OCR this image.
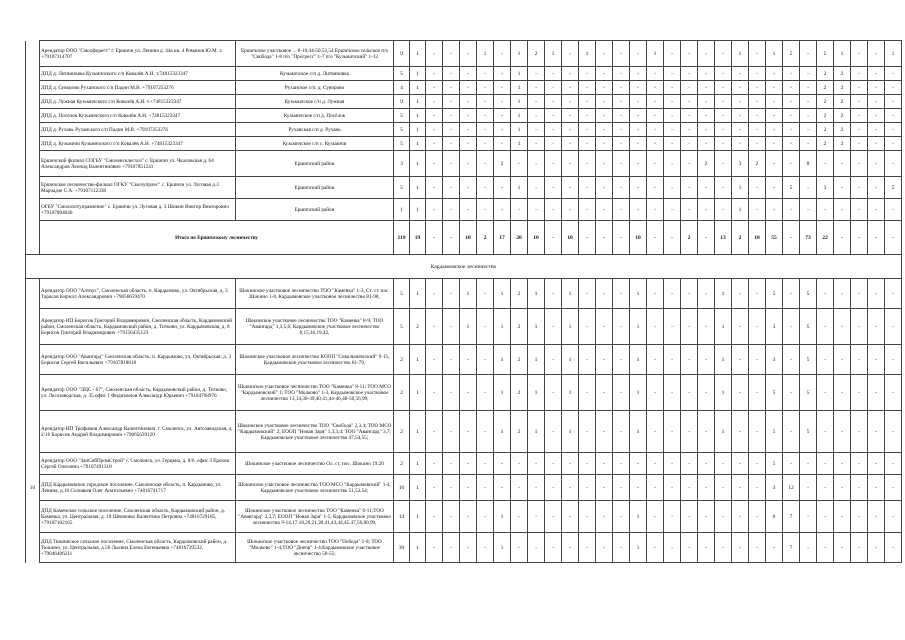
	Арендатор ООО "Смолфорест" г. Ершичи ул. Ленина д. 44а кв. 4 Романов Ю.М. т. +79107114707	Ершичское участковое ... 8-10,44-50,53,54 Ершичское сельское п/о "Свобода" 1-8 п/о "Прогресс" 1-7 п/о "Кузьмичский" 1-12	9	1	-	-	-	1	-	1	2	1	-	1	-	-	-	1	-	-	-	-	1	-	1	5	-	5	1	-	-	1
	ДПД д. Литвиновка Кузьмичского с/п Ковалёв А.Н. т.74815323347	Кузьмичское с/п д. Литвиновка	5	1	-	-	-	-	-	1	-	-	-	-	-	-	-	-	-	-	-	-	-	-	-	-	-	2	2	-	-	-
	ДПД д. Суворово Руханского с/п Падин М.В. +79107253276	Руханское с/п. д. Суворово	4	1	-	-	-	-	-	1	-	-	-	-	-	-	-	-	-	-	-	-	-	-	-	-	-	2	2	-	-	-
	ДПД д. Лужная Кузьмичского с/п Ковалёв А.Н. т.+74815323347	Кузьмичское с/п д. Лужная	9	1	-	-	-	-	-	1	-	-	-	-	-	-	-	-	-	-	-	-	-	-	-	-	-	2	2	-	-	-
	ДПД д. Поселок Кузьмичского с/п Ковалёв А.Н. +74815323347	Кузьмичское с/п д. Посёлок	5	1	-	-	-	-	-	1	-	-	-	-	-	-	-	-	-	-	-	-	-	-	-	-	-	2	2	-	-	-
	ДПД д. Рухань Руханского с/п Падин М.В. +79107253276	Руханская с/п д. Рухань	5	1	-	-	-	-	-	1	-	-	-	-	-	-	-	-	-	-	-	-	-	-	-	-	-	2	2	-	-	-
	ДПД д. Кузьмичи Кузьмичского с/п Ковалёв А.Н. +74815323347	Кузьмичское с/п с. Кузьмичи	5	1	-	-	-	-	-	1	-	-	-	-	-	-	-	-	-	-	-	-	-	-	-	-	-	2	2	-	-	-
	Ершичский филиал СОГБУ "Смоленсклесхоз" с. Ершичи ул. Чкаловская д. 64 Александров Леонид Валентинович +79107851241	Ершичский район	3	1	-	-	-	-	2	-	-	-	-	-	-	-	-	-	-	-	2	-	3	2	-	-	8	-	-	-	-	-
	Ершичское лесничество-филиал ОГКУ "Смолупрлес" с. Ершичи ул. Луговая д.3 Марчадзе С.А. +79107112338	Ершичский район	5	1	-	-	-	-	-	1	-	-	-	-	-	-	-	-	-	-	-	-	1	-	-	5	-	3	-	-	-	5
	ОГБУ "Смолохотуправление" с. Ершичи ул. Луговая д. 3 Шикин Виктор Викторович +79107804040	Ершичский район	1	1	-	-	-	-	-	-	-	-	-	-	-	-	-	-	-	-	-	-	1	-	-	-	-	-	-	-	-	-
	Итого по Ершичскому лесничеству		119	19	-	-	10	2	17	20	10	-	10	-	-	-	10	-	-	2	-	13	2	10	55	-	73	22	-	-	-	-
Кардымовское лесничество																																
	Арендатор ООО "Алтиус", Смоленская область, п. Кардымово, ул. Октябрьская, д. 3 Тарасов Кирилл Александрович +79056659470	Шокинское участковое лесничество ТОО "Каменка" 1-3, Ст. ст. пос. Шокино 1-8, Кардымовское участковое лесничество 81-98,	5	1	-	-	1	-	1	2	1	-	1	-	-	-	1	-	-	-	-	1	-	-	5	-	5	-	-	-	-	-
	Арендатор ИП Борисов Григорий Владимирович, Смоленская область, Кардымовский район, Смоленская область, Кардымовский район, д. Титково, ул. Кардымовская, д. 8 Борисов Григорий Владимирович +79156435123	Шокинское участковое лесничество ТОО "Каменка" 8-9; ТОО "Авангард" 1,3,5,6; Кардымовское участковое лесничество 8,15,16,19,42,	5	2	-	-	1	-	1	2	1	-	1	-	-	-	1	-	-	-	-	1	-	-	3	-	5	-	-	-	-	-
	Арендатор ООО "Авангард" Смоленская область, п. Кардымово, ул. Октябрьская, д. 3 Борисов Сергей Васильевич +79107818018	Шокинское участковое лесничество КООП "Сокольнический" 9-15; Кардымовское участковое лесничество 61-79,	2	1	-	-	-	-	1	2	1	-	1	-	-	-	1	-	-	-	-	1	-	-	3	-	5	-	-	-	-	-
	Арендатор ООО "ЛЦС - 67", Смоленская область, Кардымовский район, д. Титково, ул. Лесозаводская, д. 35,офис 1 Фидимонов Александр Юрьевич +79104768976	Шокинское участковое лесничество ТОО "Каменка" 8-11; ТОО МСО "Кардымовский" 1; ТОО "Молково" 1-3, Кардымовское участковое лесничество 13,14,30-39,40,41,44-46,48-50,56,99,	2	1	-	-	-	-	1	2	1	-	1	-	-	-	1	-	-	-	-	1	-	-	5	-	5	-	-	-	-	-
	Арендатор ИП Трофимов Александр Валентинович, г. Смоленск, ул. Автозаводская, д. 2/16 Борисов Андрей Владимирович +79065639120	Шокинское участковое лесничество ТОО "Свобода" 2,3,4; ТОО МСО "Кардымовский" 2; ЕООП "Новая Заря" 1,3,3,4; ТОО "Авангард" 3,7; Кардымовское участковое лесничество 47,54,55;	2	1	-	-	-	-	1	2	1	-	1	-	-	-	1	-	-	-	-	1	-	-	5	-	5	-	-	-	-	-
	Арендатор ООО "ЗапСибПромСтрой" г. Смоленск, ул. Герцена, д. 8/6, офис 3 Ерохов Сергей Олегович +79107491310	Шокинское участковое лесничество Ол. ст. пос. Шокино 19,20	2	1	-	-	-	-	-	-	-	-	-	-	-	-	-	-	-	-	-	-	-	-	5	-	-	-	-	-	-	-
10	ДПД Кардымовское городское поселение, Смоленская область, п. Кардымово, ул. Ленина, д.16 Соловьев Олег Анатольевич +74816741717	Шокинское участковое лесничество ТОО МСО "Кардымовский" 1-4, Кардымовское участковое лесничество 51,52,54;	16	1	-	-	-	-	-	-	-	-	-	-	-	-	-	-	-	-	-	-	-	-	3	12	-	-	-	-	-	-
	ДПД Каменское сельское поселение, Смоленская область, Кардымовский район, д. Каменка, ул. Центральная, д. 18 Шевченко Валентина Петровна +74816729185, +79107102165	Шокинское участковое лесничество ТОО "Каменка" 6-11;ТОО "Авангард" 2,3,7; ЕООП "Новая Заря" 1-5, Кардымовское участковое лесничество 9-14,17,18,20,21,30,41,43,44,45,47,56,80,99,	14	1	-	-	-	-	1	-	-	-	-	-	-	-	1	-	-	-	-	-	-	-	6	7	-	-	-	-	-	-
	ДПД Тюшинское сельское поселение, Смоленская область, Кардымовский район, д. Тюшино, ул. Центральная, д.56 Лысяна Елена Евгеньевна +74816729532, +79046406211	Шокинское участковое лесничество ТОО "Победа" 1-8; ТОО "Молково" 1-4;ТОО "Днепр" 1-4;Кардымовское участковое лесничество 50-55;	30	1	-	-	-	-	1	-	-	-	-	-	-	-	1	-	-	-	-	-	-	-	-	7	-	-	-	-	-	-
